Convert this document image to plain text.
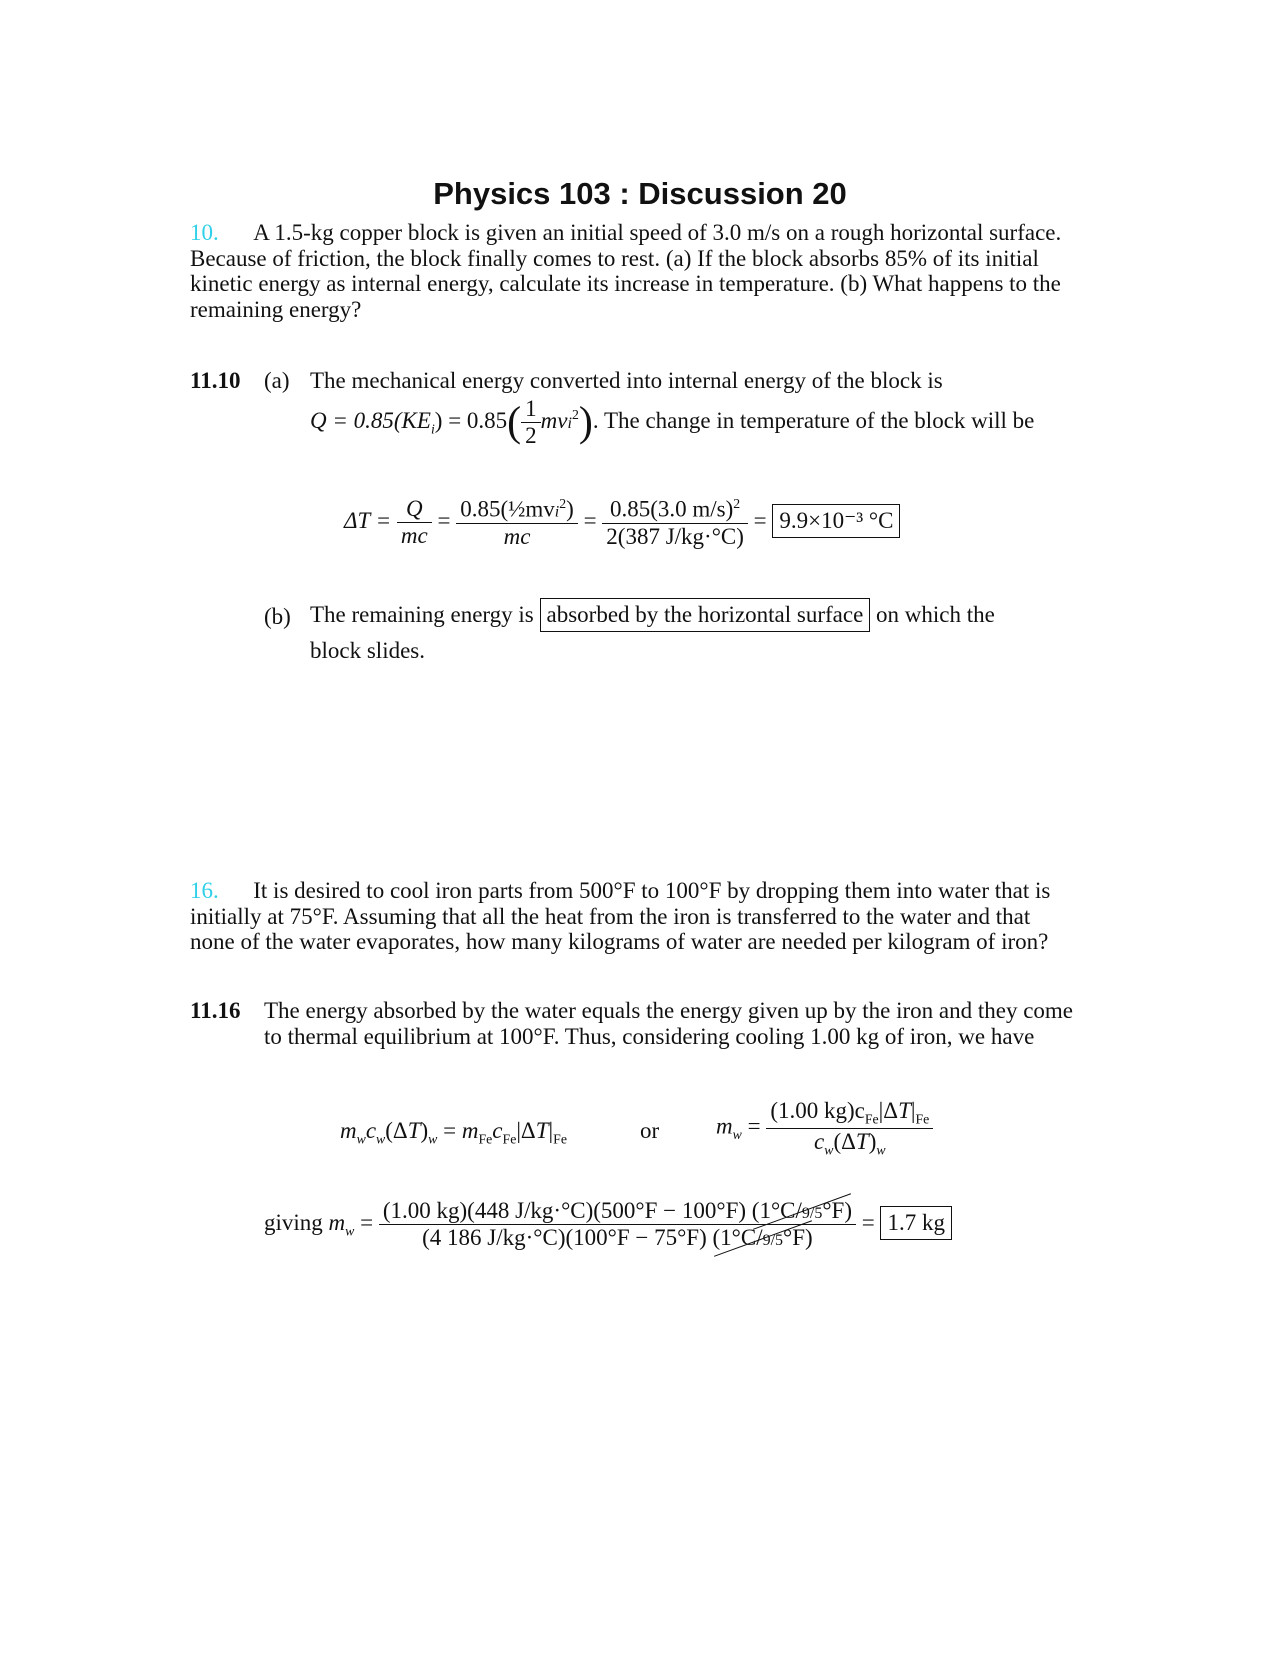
Physics 103 : Discussion 20
10. A 1.5-kg copper block is given an initial speed of 3.0 m/s on a rough horizontal surface. Because of friction, the block finally comes to rest. (a) If the block absorbs 85% of its initial kinetic energy as internal energy, calculate its increase in temperature. (b) What happens to the remaining energy?
11.10 (a) The mechanical energy converted into internal energy of the block is
$Q = 0.85(KE_i) = 0.85( \frac{1}{2} mvi^2)$. The change in temperature of the block will be
$\Delta T = \frac{Q}{mc} = \frac{0.85(\frac{1}{2}mvi^2)}{mc} = \frac{0.85(3.0 m/s)^2}{2(387 J/kg\cdot^\circ C)} = 9.9\times 10^{-3}$ °C
(b) The remaining energy is absorbed by the horizontal surface on which the
block slides.
16. It is desired to cool iron parts from 500°F to 100°F by dropping them into water that is initially at 75°F. Assuming that all the heat from the iron is transferred to the water and that none of the water evaporates, how many kilograms of water are needed per kilogram of iron?
11.16 The energy absorbed by the water equals the energy given up by the iron and they come to thermal equilibrium at 100°F. Thus, considering cooling 1.00 kg of iron, we have
$m_wc_w(\Delta T)_w = m_{Fe}c_{Fe}|\Delta T|_{Fe}$	or $m_w = \frac{(1.00 kg)c_{Fe}|\Delta T|_{Fe}}{c_w(\Delta T)_w}$
giving $m_w = \frac{(1.00 kg)(448 J/kg\cdot^\circ C)(500^\circ F - 100^\circ F) (1^\circ C/9/5^\circ F)}{(4 186 J/kg\cdot^\circ C)(100^\circ F - 75^\circ F) (1^\circ C/9/5^\circ F)} = 1.7$ kg
